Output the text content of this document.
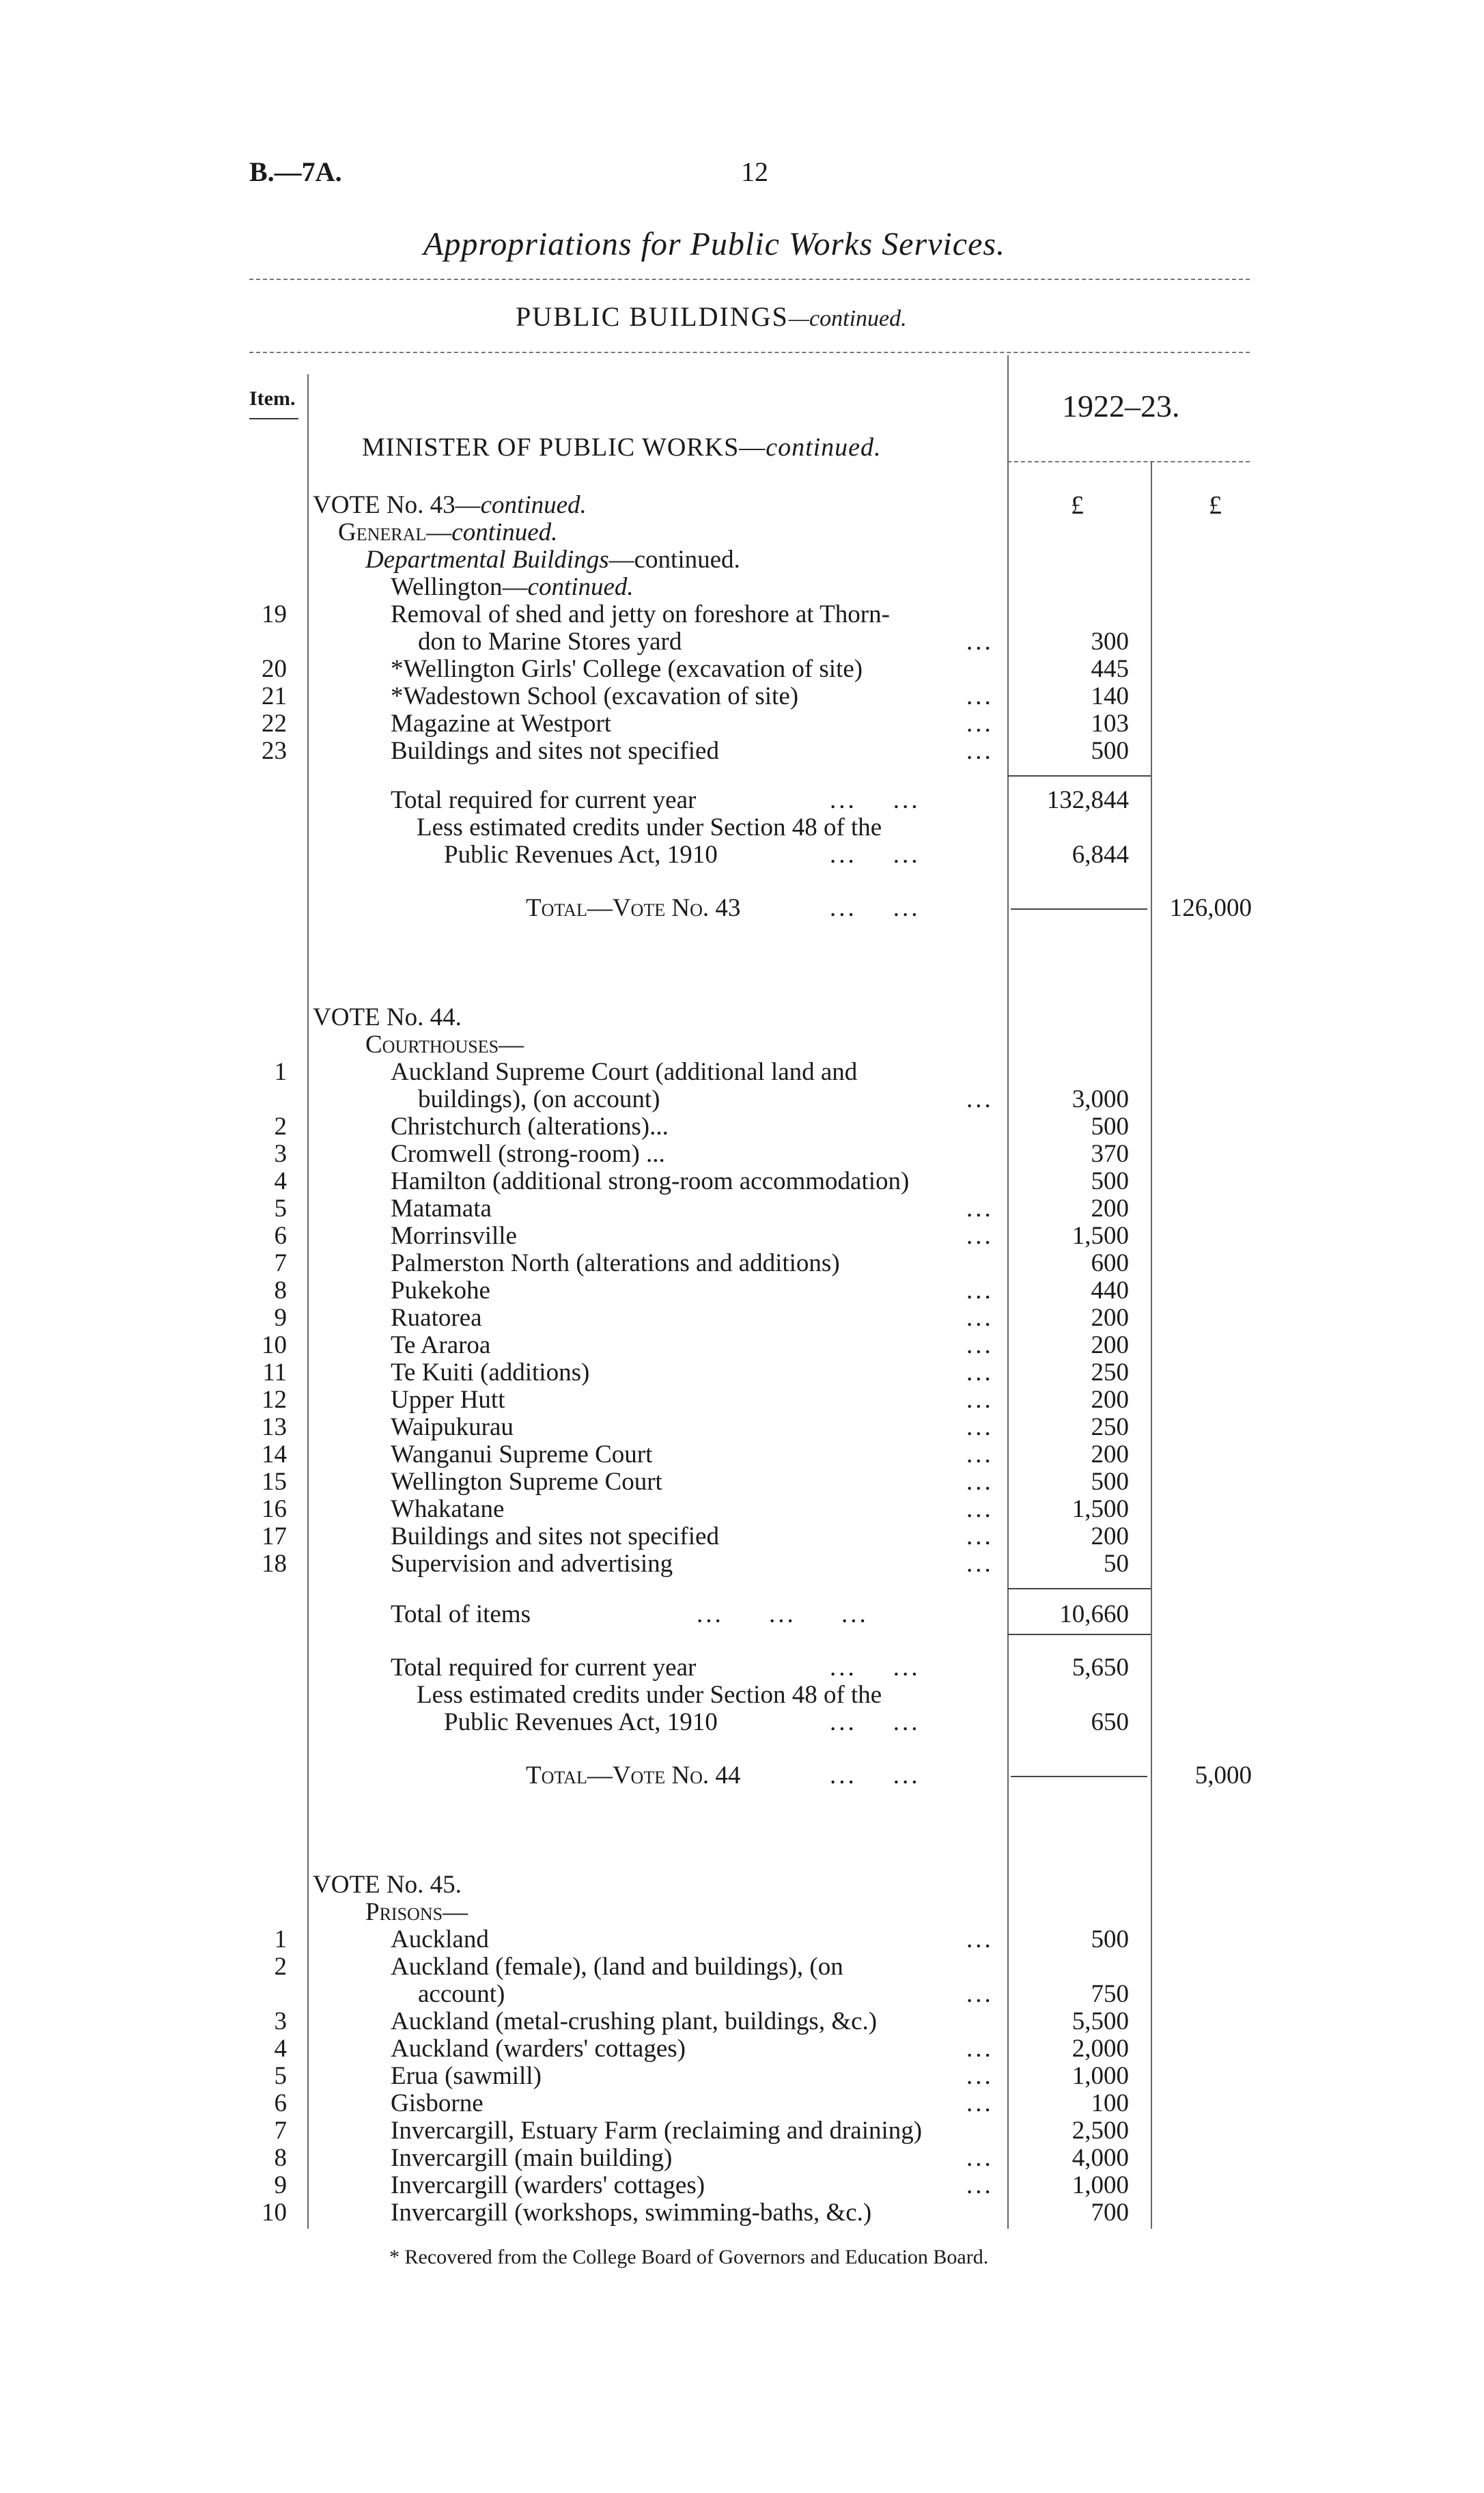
B.—7A.	12
Appropriations for Public Works Services.
PUBLIC BUILDINGS—continued.
Item.	1922–23.
MINISTER OF PUBLIC WORKS—continued.
£	£
VOTE No. 43—continued.
General—continued.
Departmental Buildings—continued.
Wellington—continued.
19	Removal of shed and jetty on foreshore at Thorn-
don to Marine Stores yard	...	300
20	*Wellington Girls' College (excavation of site)	445
21	*Wadestown School (excavation of site)	...	140
22	Magazine at Westport	...	103
23	Buildings and sites not specified	...	500
Total required for current year	...    ...	132,844
Less estimated credits under Section 48 of the
Public Revenues Act, 1910	...    ...	6,844
Total—Vote No. 43	...    ...	126,000
VOTE No. 44.
Courthouses—
1	Auckland Supreme Court (additional land and
buildings), (on account)	...	3,000
2	Christchurch (alterations)...	500
3	Cromwell (strong-room) ...	370
4	Hamilton (additional strong-room accommodation)	500
5	Matamata	...	200
6	Morrinsville	...	1,500
7	Palmerston North (alterations and additions)	600
8	Pukekohe	...	440
9	Ruatorea	...	200
10	Te Araroa	...	200
11	Te Kuiti (additions)	...	250
12	Upper Hutt	...	200
13	Waipukurau	...	250
14	Wanganui Supreme Court	...	200
15	Wellington Supreme Court	...	500
16	Whakatane	...	1,500
17	Buildings and sites not specified	...	200
18	Supervision and advertising	...	50
Total of items	...     ...     ...	10,660
Total required for current year	...    ...	5,650
Less estimated credits under Section 48 of the
Public Revenues Act, 1910	...    ...	650
Total—Vote No. 44	...    ...	5,000
VOTE No. 45.
Prisons—
1	Auckland	...	500
2	Auckland (female), (land and buildings), (on
account)	...	750
3	Auckland (metal-crushing plant, buildings, &c.)	5,500
4	Auckland (warders' cottages)	...	2,000
5	Erua (sawmill)	...	1,000
6	Gisborne	...	100
7	Invercargill, Estuary Farm (reclaiming and draining)	2,500
8	Invercargill (main building)	...	4,000
9	Invercargill (warders' cottages)	...	1,000
10	Invercargill (workshops, swimming-baths, &c.)	700
* Recovered from the College Board of Governors and Education Board.
